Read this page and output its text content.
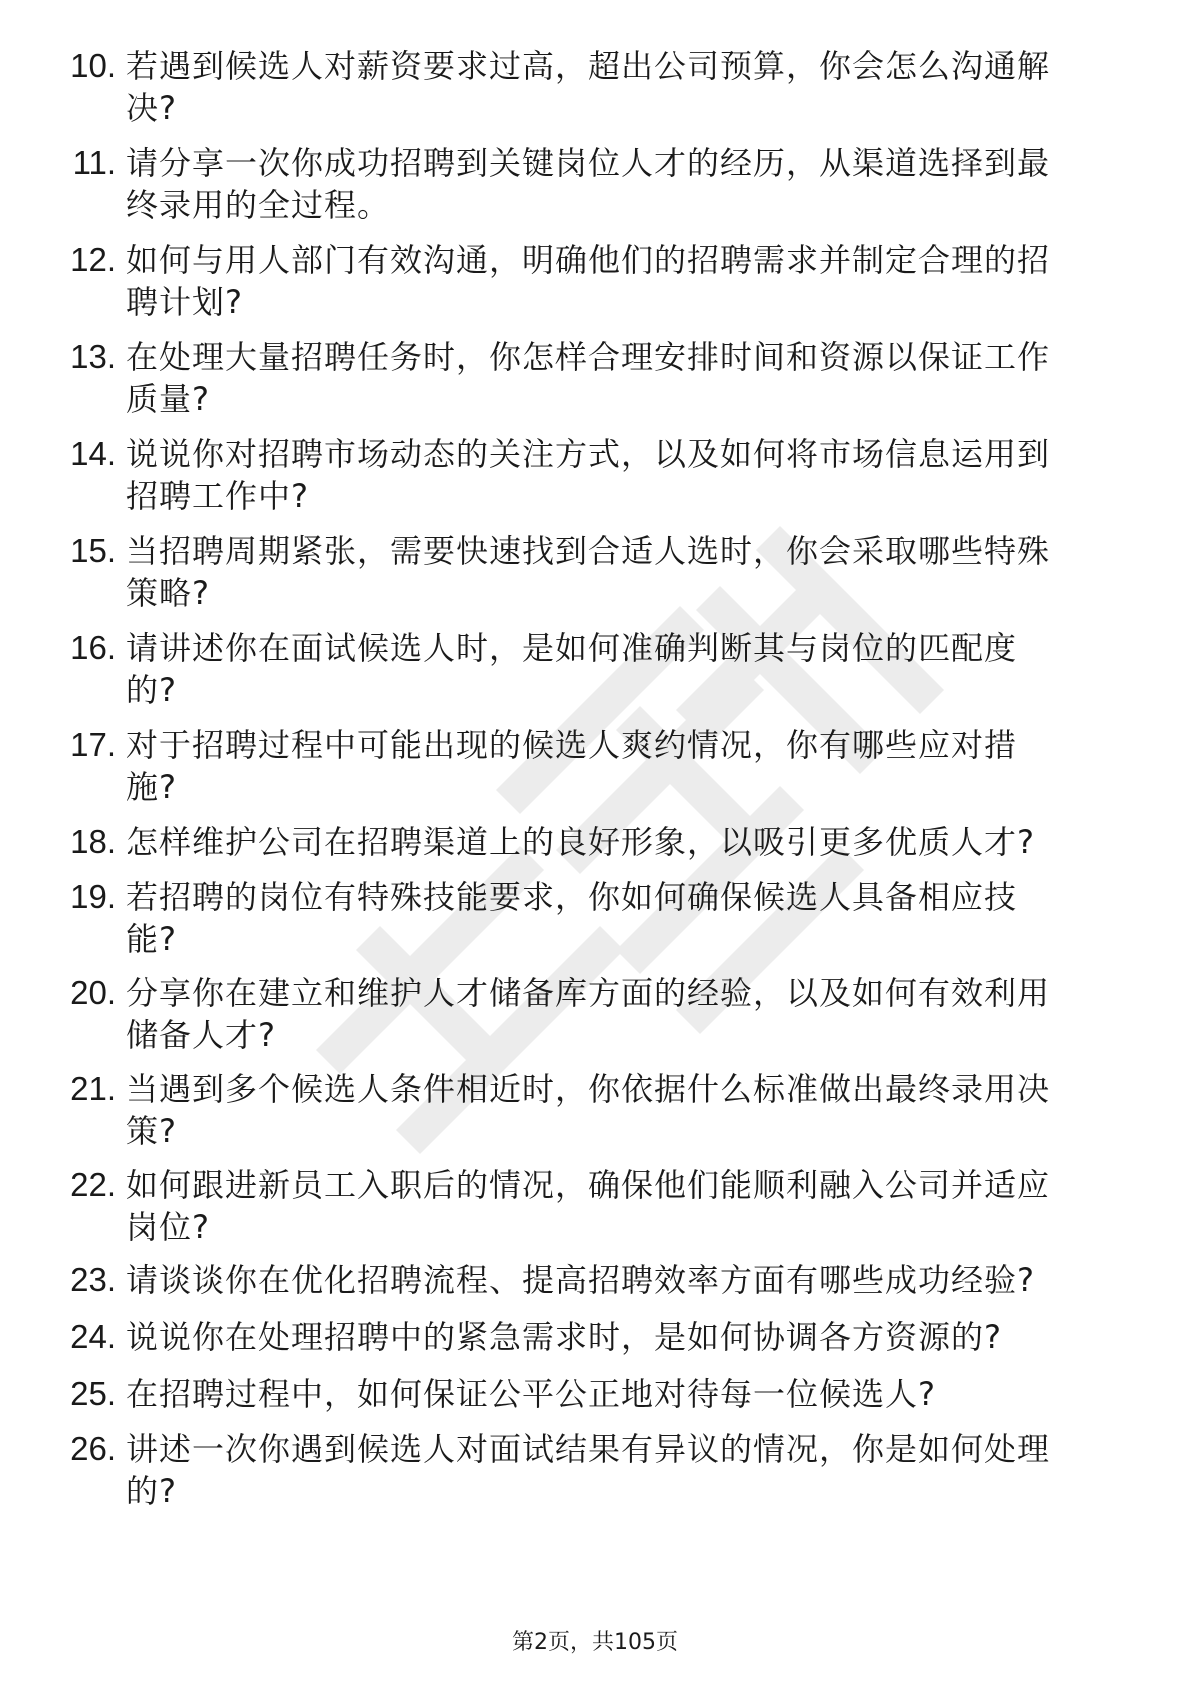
10. 若遇到候选人对薪资要求过高，超出公司预算，你会怎么沟通解
决?
11. 请分享一次你成功招聘到关键岗位人才的经历，从渠道选择到最
终录用的全过程。
12. 如何与用人部门有效沟通，明确他们的招聘需求并制定合理的招
聘计划?
13. 在处理大量招聘任务时，你怎样合理安排时间和资源以保证工作
质量?
14. 说说你对招聘市场动态的关注方式，以及如何将市场信息运用到
招聘工作中?
15. 当招聘周期紧张，需要快速找到合适人选时，你会采取哪些特殊
策略?
16. 请讲述你在面试候选人时，是如何准确判断其与岗位的匹配度
的?
17. 对于招聘过程中可能出现的候选人爽约情况，你有哪些应对措
施?
18. 怎样维护公司在招聘渠道上的良好形象，以吸引更多优质人才?
19. 若招聘的岗位有特殊技能要求，你如何确保候选人具备相应技
能?
20. 分享你在建立和维护人才储备库方面的经验，以及如何有效利用
储备人才?
21. 当遇到多个候选人条件相近时，你依据什么标准做出最终录用决
策?
22. 如何跟进新员工入职后的情况，确保他们能顺利融入公司并适应
岗位?
23. 请谈谈你在优化招聘流程、提高招聘效率方面有哪些成功经验?
24. 说说你在处理招聘中的紧急需求时，是如何协调各方资源的?
25. 在招聘过程中，如何保证公平公正地对待每一位候选人?
26. 讲述一次你遇到候选人对面试结果有异议的情况，你是如何处理
的?
第2页，共105页
